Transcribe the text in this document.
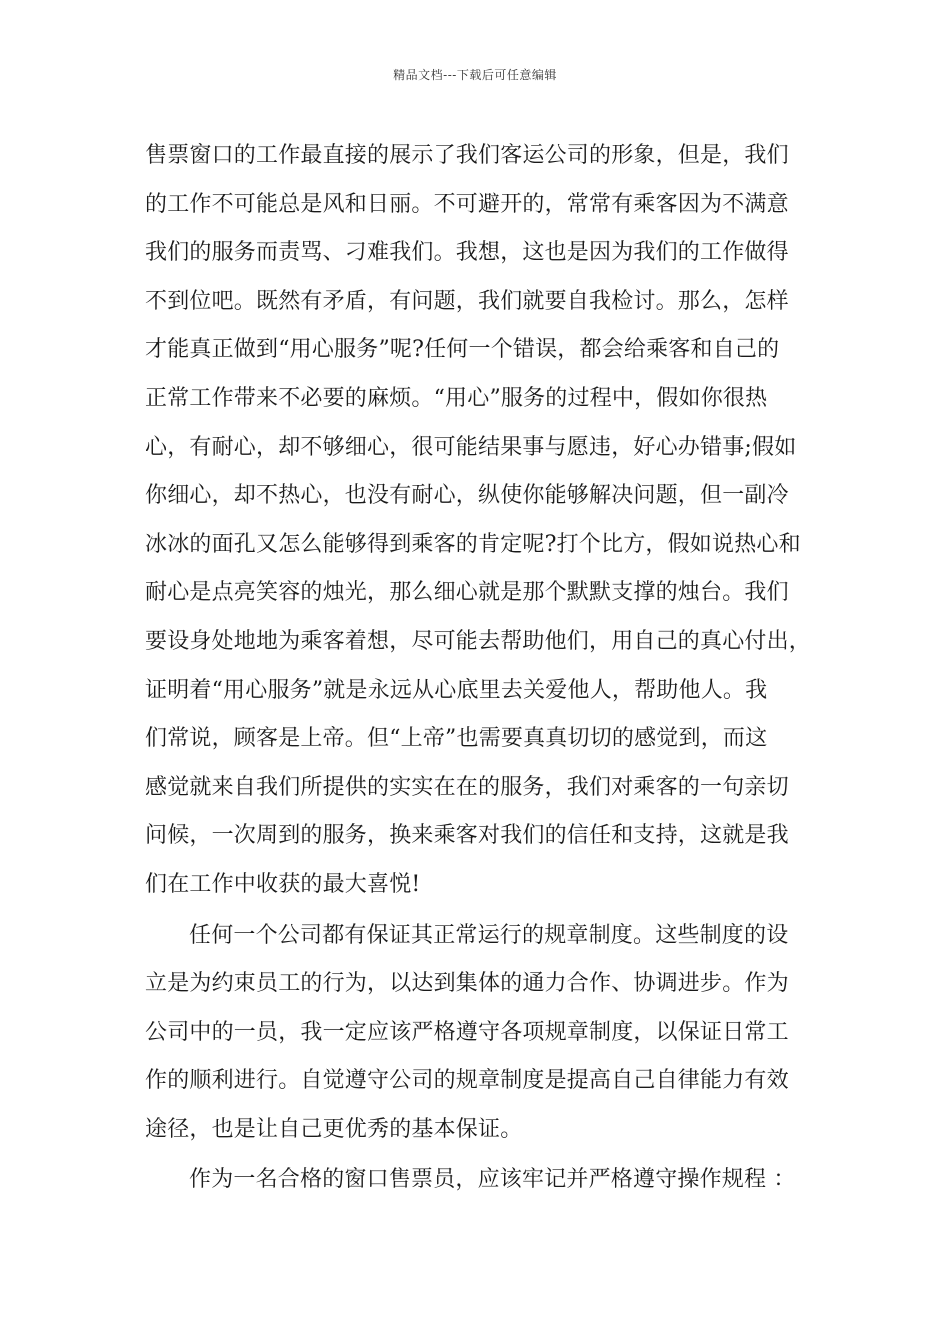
精品文档---下载后可任意编辑
售票窗口的工作最直接的展示了我们客运公司的形象，但是，我们
的工作不可能总是风和日丽。不可避开的，常常有乘客因为不满意
我们的服务而责骂、刁难我们。我想，这也是因为我们的工作做得
不到位吧。既然有矛盾，有问题，我们就要自我检讨。那么，怎样
才能真正做到“用心服务”呢?任何一个错误，都会给乘客和自己的
正常工作带来不必要的麻烦。“用心”服务的过程中，假如你很热
心，有耐心，却不够细心，很可能结果事与愿违，好心办错事;假如
你细心，却不热心，也没有耐心，纵使你能够解决问题，但一副冷
冰冰的面孔又怎么能够得到乘客的肯定呢?打个比方，假如说热心和
耐心是点亮笑容的烛光，那么细心就是那个默默支撑的烛台。我们
要设身处地地为乘客着想，尽可能去帮助他们，用自己的真心付出，
证明着“用心服务”就是永远从心底里去关爱他人，帮助他人。我
们常说，顾客是上帝。但“上帝”也需要真真切切的感觉到，而这
感觉就来自我们所提供的实实在在的服务，我们对乘客的一句亲切
问候，一次周到的服务，换来乘客对我们的信任和支持，这就是我
们在工作中收获的最大喜悦!
任何一个公司都有保证其正常运行的规章制度。这些制度的设
立是为约束员工的行为，以达到集体的通力合作、协调进步。作为
公司中的一员，我一定应该严格遵守各项规章制度，以保证日常工
作的顺利进行。自觉遵守公司的规章制度是提高自己自律能力有效
途径，也是让自己更优秀的基本保证。
作为一名合格的窗口售票员，应该牢记并严格遵守操作规程 ：
